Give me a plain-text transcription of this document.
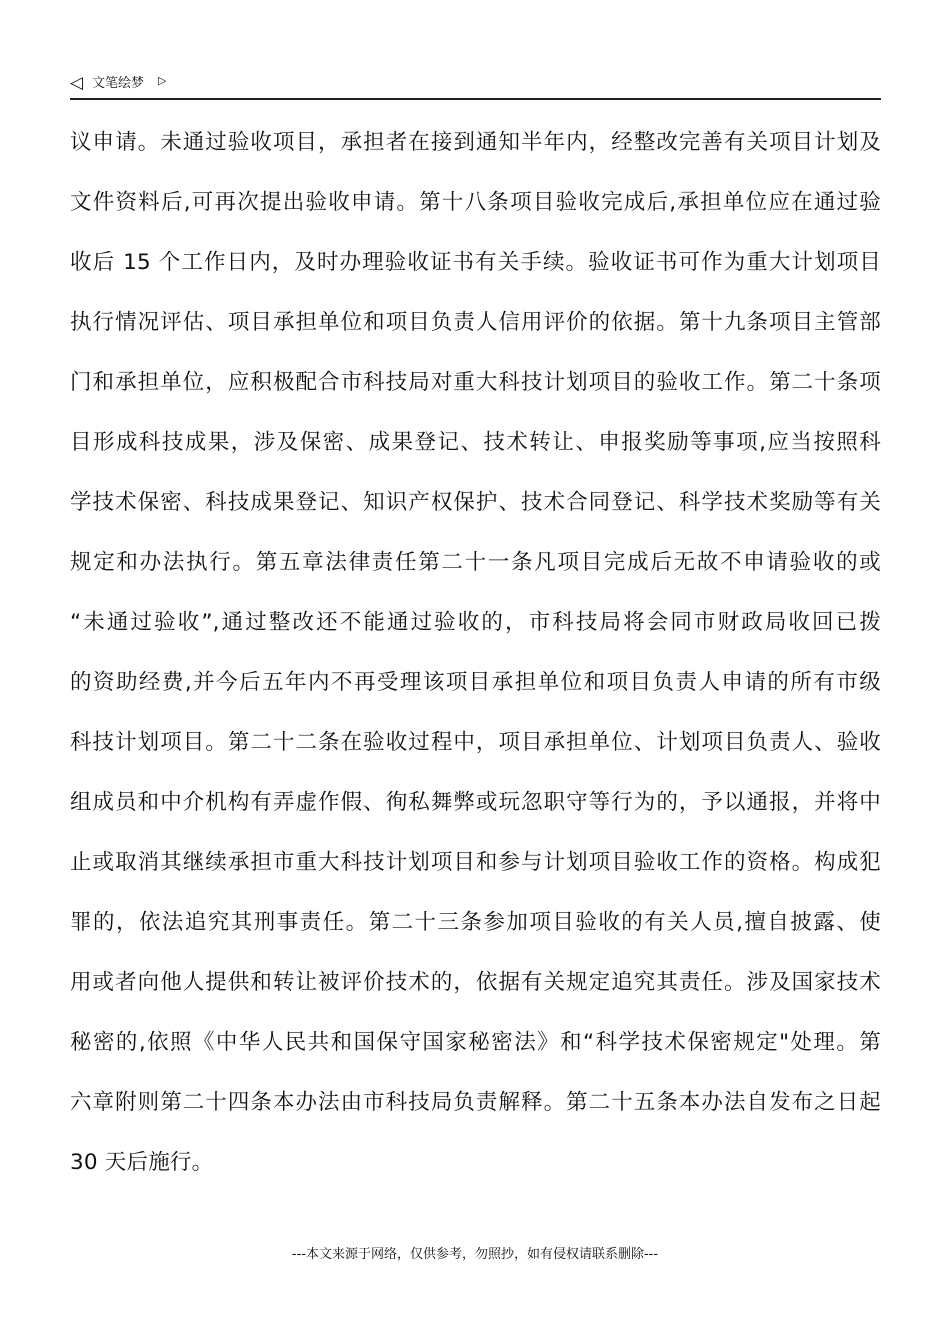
◁ 文笔绘梦 ▷
议申请。未通过验收项目，承担者在接到通知半年内，经整改完善有关项目计划及
文件资料后,可再次提出验收申请。第十八条项目验收完成后,承担单位应在通过验
收后 15 个工作日内，及时办理验收证书有关手续。验收证书可作为重大计划项目
执行情况评估、项目承担单位和项目负责人信用评价的依据。第十九条项目主管部
门和承担单位，应积极配合市科技局对重大科技计划项目的验收工作。第二十条项
目形成科技成果，涉及保密、成果登记、技术转让、申报奖励等事项,应当按照科
学技术保密、科技成果登记、知识产权保护、技术合同登记、科学技术奖励等有关
规定和办法执行。第五章法律责任第二十一条凡项目完成后无故不申请验收的或
“未通过验收”,通过整改还不能通过验收的，市科技局将会同市财政局收回已拨
的资助经费,并今后五年内不再受理该项目承担单位和项目负责人申请的所有市级
科技计划项目。第二十二条在验收过程中，项目承担单位、计划项目负责人、验收
组成员和中介机构有弄虚作假、徇私舞弊或玩忽职守等行为的，予以通报，并将中
止或取消其继续承担市重大科技计划项目和参与计划项目验收工作的资格。构成犯
罪的，依法追究其刑事责任。第二十三条参加项目验收的有关人员,擅自披露、使
用或者向他人提供和转让被评价技术的，依据有关规定追究其责任。涉及国家技术
秘密的,依照《中华人民共和国保守国家秘密法》和“科学技术保密规定"处理。第
六章附则第二十四条本办法由市科技局负责解释。第二十五条本办法自发布之日起
30 天后施行。
---本文来源于网络，仅供参考，勿照抄，如有侵权请联系删除---
